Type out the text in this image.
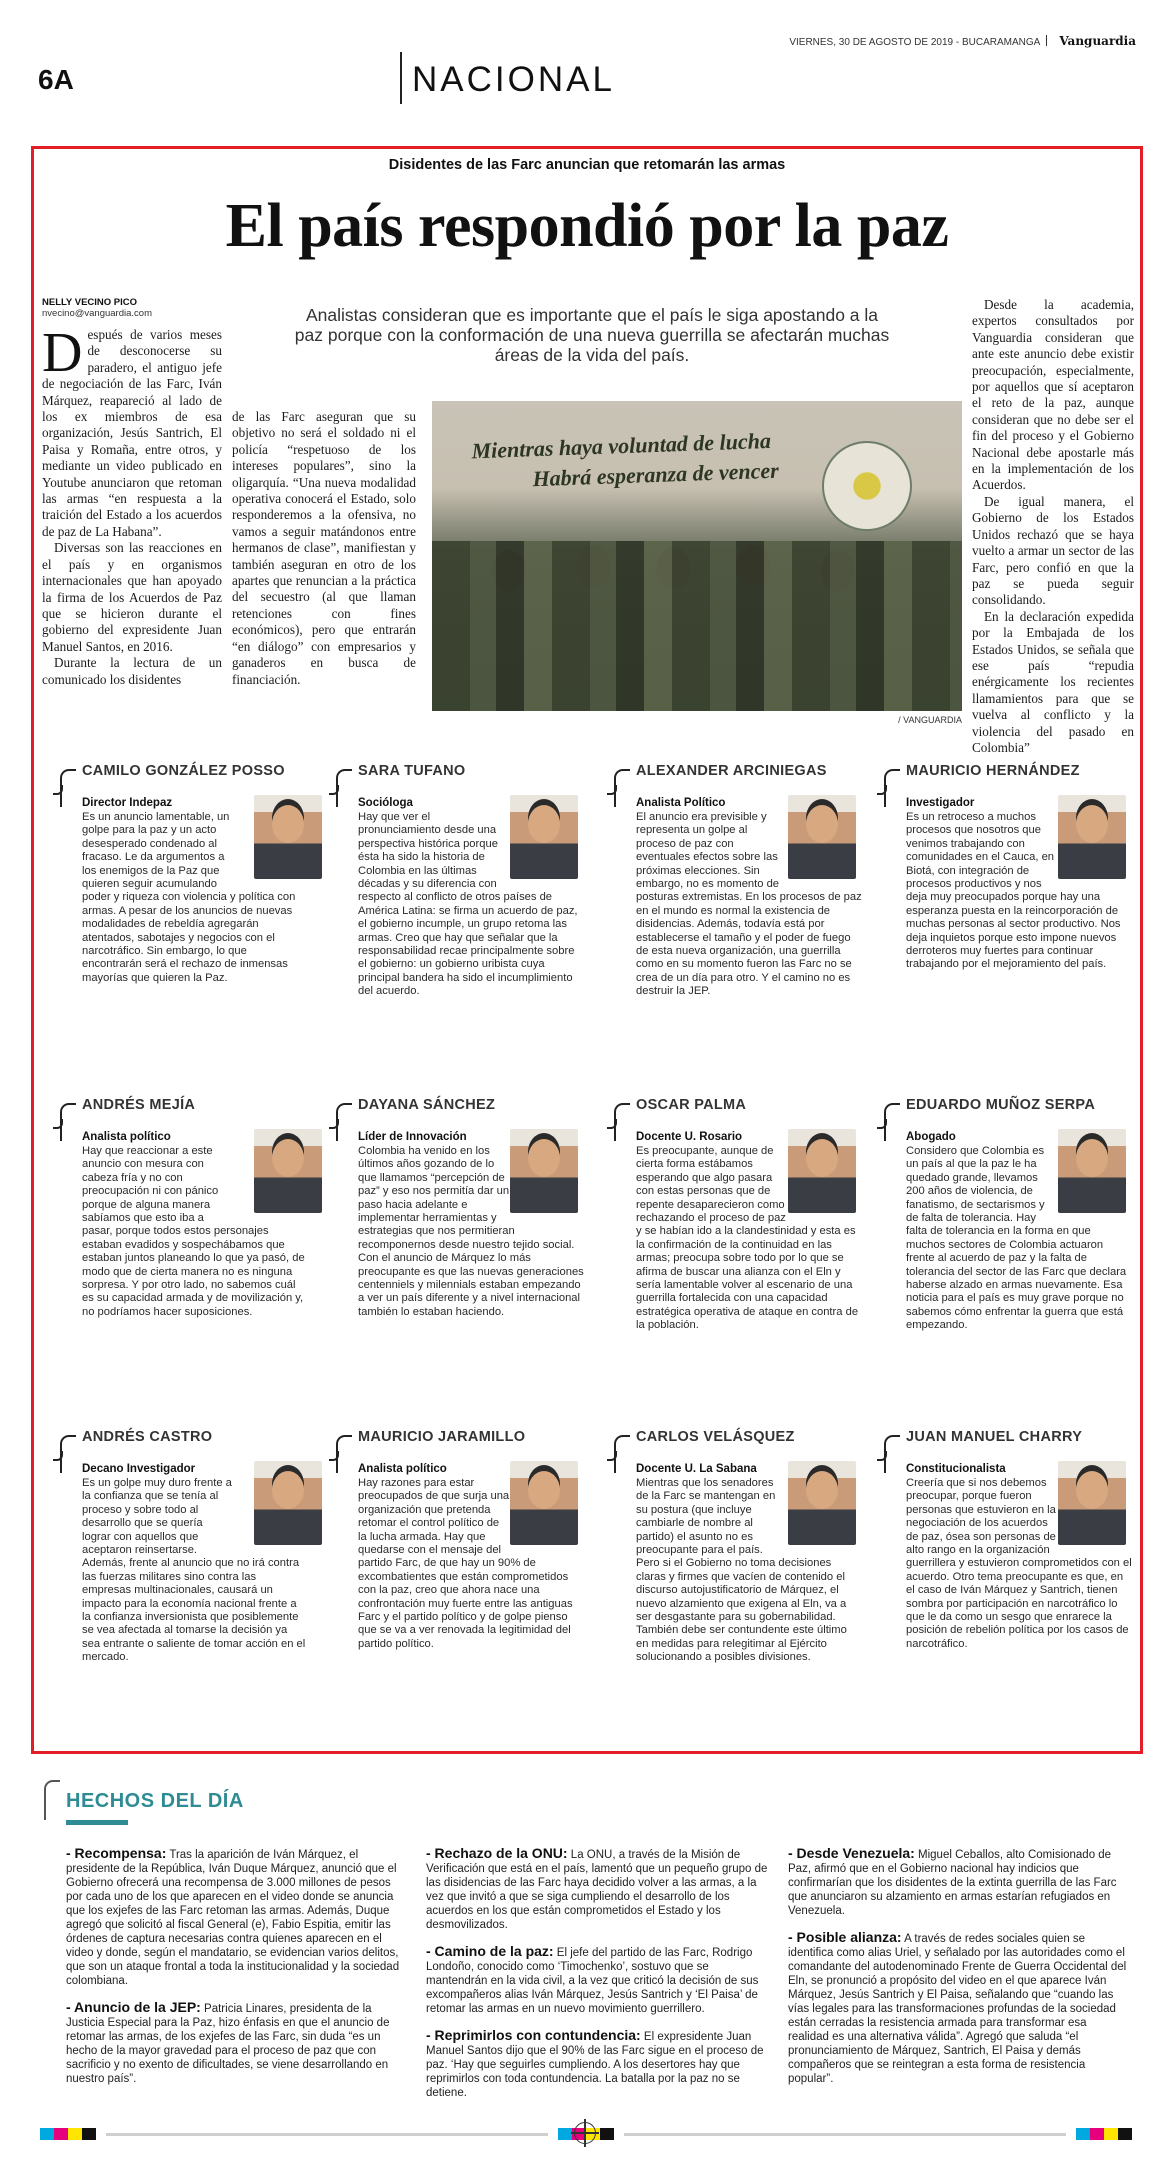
VIERNES, 30 DE AGOSTO DE 2019 - BUCARAMANGA Vanguardia
6A	NACIONAL
Disidentes de las Farc anuncian que retomarán las armas
El país respondió por la paz
NELLY VECINO PICO
nvecino@vanguardia.com

Después de varios meses de desconocerse su paradero, el antiguo jefe de negociación de las Farc, Iván Márquez, reapareció al lado de los ex miembros de esa organización, Jesús Santrich, El Paisa y Romaña, entre otros, y mediante un video publicado en Youtube anunciaron que retoman las armas “en respuesta a la traición del Estado a los acuerdos de paz de La Habana”.

Diversas son las reacciones en el país y en organismos internacionales que han apoyado la firma de los Acuerdos de Paz que se hicieron durante el gobierno del expresidente Juan Manuel Santos, en 2016.

Durante la lectura de un comunicado los disidentes

de las Farc aseguran que su objetivo no será el soldado ni el policía “respetuoso de los intereses populares”, sino la oligarquía. “Una nueva modalidad operativa conocerá el Estado, solo responderemos a la ofensiva, no vamos a seguir matándonos entre hermanos de clase”, manifiestan y también aseguran en otro de los apartes que renuncian a la práctica del secuestro (al que llaman retenciones con fines económicos), pero que entrarán “en diálogo” con empresarios y ganaderos en busca de financiación.

Analistas consideran que es importante que el país le siga apostando a la paz porque con la conformación de una nueva guerrilla se afectarán muchas áreas de la vida del país.
Mientras haya voluntad de lucha
Habrá esperanza de vencer
/ VANGUARDIA

Desde la academia, expertos consultados por Vanguardia consideran que ante este anuncio debe existir preocupación, especialmente, por aquellos que sí aceptaron el reto de la paz, aunque consideran que no debe ser el fin del proceso y el Gobierno Nacional debe apostarle más en la implementación de los Acuerdos.

De igual manera, el Gobierno de los Estados Unidos rechazó que se haya vuelto a armar un sector de las Farc, pero confió en que la paz se pueda seguir consolidando.

En la declaración expedida por la Embajada de los Estados Unidos, se señala que ese país “repudia enérgicamente los recientes llamamientos para que se vuelva al conflicto y la violencia del pasado en Colombia”

CAMILO GONZÁLEZ POSSO
Director Indepaz
Es un anuncio lamentable, un golpe para la paz y un acto desesperado condenado al fracaso. Le da argumentos a los enemigos de la Paz que quieren seguir acumulando poder y riqueza con violencia y política con armas. A pesar de los anuncios de nuevas modalidades de rebeldía agregarán atentados, sabotajes y negocios con el narcotráfico. Sin embargo, lo que encontrarán será el rechazo de inmensas mayorías que quieren la Paz.
SARA TUFANO
Socióloga
Hay que ver el pronunciamiento desde una perspectiva histórica porque ésta ha sido la historia de Colombia en las últimas décadas y su diferencia con respecto al conflicto de otros países de América Latina: se firma un acuerdo de paz, el gobierno incumple, un grupo retoma las armas. Creo que hay que señalar que la responsabilidad recae principalmente sobre el gobierno: un gobierno uribista cuya principal bandera ha sido el incumplimiento del acuerdo.
ALEXANDER ARCINIEGAS
Analista Político
El anuncio era previsible y representa un golpe al proceso de paz con eventuales efectos sobre las próximas elecciones. Sin embargo, no es momento de posturas extremistas. En los procesos de paz en el mundo es normal la existencia de disidencias. Además, todavía está por establecerse el tamaño y el poder de fuego de esta nueva organización, una guerrilla como en su momento fueron las Farc no se crea de un día para otro. Y el camino no es destruir la JEP.
MAURICIO HERNÁNDEZ
Investigador
Es un retroceso a muchos procesos que nosotros que venimos trabajando con comunidades en el Cauca, en Biotá, con integración de procesos productivos y nos deja muy preocupados porque hay una esperanza puesta en la reincorporación de muchas personas al sector productivo. Nos deja inquietos porque esto impone nuevos derroteros muy fuertes para continuar trabajando por el mejoramiento del país.
ANDRÉS MEJÍA
Analista político
Hay que reaccionar a este anuncio con mesura con cabeza fría y no con preocupación ni con pánico porque de alguna manera sabíamos que esto iba a pasar, porque todos estos personajes estaban evadidos y sospechábamos que estaban juntos planeando lo que ya pasó, de modo que de cierta manera no es ninguna sorpresa. Y por otro lado, no sabemos cuál es su capacidad armada y de movilización y, no podríamos hacer suposiciones.
DAYANA SÁNCHEZ
Líder de Innovación
Colombia ha venido en los últimos años gozando de lo que llamamos “percepción de paz” y eso nos permitía dar un paso hacia adelante e implementar herramientas y estrategias que nos permitieran recomponernos desde nuestro tejido social. Con el anuncio de Márquez lo más preocupante es que las nuevas generaciones centenniels y milennials estaban empezando a ver un país diferente y a nivel internacional también lo estaban haciendo.
OSCAR PALMA
Docente U. Rosario
Es preocupante, aunque de cierta forma estábamos esperando que algo pasara con estas personas que de repente desaparecieron como rechazando el proceso de paz y se habían ido a la clandestinidad y esta es la confirmación de la continuidad en las armas; preocupa sobre todo por lo que se afirma de buscar una alianza con el Eln y sería lamentable volver al escenario de una guerrilla fortalecida con una capacidad estratégica operativa de ataque en contra de la población.
EDUARDO MUÑOZ SERPA
Abogado
Considero que Colombia es un país al que la paz le ha quedado grande, llevamos 200 años de violencia, de fanatismo, de sectarismos y de falta de tolerancia. Hay falta de tolerancia en la forma en que muchos sectores de Colombia actuaron frente al acuerdo de paz y la falta de tolerancia del sector de las Farc que declara haberse alzado en armas nuevamente. Esa noticia para el país es muy grave porque no sabemos cómo enfrentar la guerra que está empezando.
ANDRÉS CASTRO
Decano Investigador
Es un golpe muy duro frente a la confianza que se tenía al proceso y sobre todo al desarrollo que se quería lograr con aquellos que aceptaron reinsertarse. Además, frente al anuncio que no irá contra las fuerzas militares sino contra las empresas multinacionales, causará un impacto para la economía nacional frente a la confianza inversionista que posiblemente se vea afectada al tomarse la decisión ya sea entrante o saliente de tomar acción en el mercado.
MAURICIO JARAMILLO
Analista político
Hay razones para estar preocupados de que surja una organización que pretenda retomar el control político de la lucha armada. Hay que quedarse con el mensaje del partido Farc, de que hay un 90% de excombatientes que están comprometidos con la paz, creo que ahora nace una confrontación muy fuerte entre las antiguas Farc y el partido político y de golpe pienso que se va a ver renovada la legitimidad del partido político.
CARLOS VELÁSQUEZ
Docente U. La Sabana
Mientras que los senadores de la Farc se mantengan en su postura (que incluye cambiarle de nombre al partido) el asunto no es preocupante para el país. Pero si el Gobierno no toma decisiones claras y firmes que vacíen de contenido el discurso autojustificatorio de Márquez, el nuevo alzamiento que exigena al Eln, va a ser desgastante para su gobernabilidad. También debe ser contundente este último en medidas para relegitimar al Ejército solucionando a posibles divisiones.
JUAN MANUEL CHARRY
Constitucionalista
Creería que si nos debemos preocupar, porque fueron personas que estuvieron en la negociación de los acuerdos de paz, ósea son personas de alto rango en la organización guerrillera y estuvieron comprometidos con el acuerdo. Otro tema preocupante es que, en el caso de Iván Márquez y Santrich, tienen sombra por participación en narcotráfico lo que le da como un sesgo que enrarece la posición de rebelión política por los casos de narcotráfico.
HECHOS DEL DÍA
- Recompensa: Tras la aparición de Iván Márquez, el presidente de la República, Iván Duque Márquez, anunció que el Gobierno ofrecerá una recompensa de 3.000 millones de pesos por cada uno de los que aparecen en el video donde se anuncia que los exjefes de las Farc retoman las armas. Además, Duque agregó que solicitó al fiscal General (e), Fabio Espitia, emitir las órdenes de captura necesarias contra quienes aparecen en el video y donde, según el mandatario, se evidencian varios delitos, que son un ataque frontal a toda la institucionalidad y la sociedad colombiana.
- Anuncio de la JEP: Patricia Linares, presidenta de la Justicia Especial para la Paz, hizo énfasis en que el anuncio de retomar las armas, de los exjefes de las Farc, sin duda “es un hecho de la mayor gravedad para el proceso de paz que con sacrificio y no exento de dificultades, se viene desarrollando en nuestro país”.
- Rechazo de la ONU: La ONU, a través de la Misión de Verificación que está en el país, lamentó que un pequeño grupo de las disidencias de las Farc haya decidido volver a las armas, a la vez que invitó a que se siga cumpliendo el desarrollo de los acuerdos en los que están comprometidos el Estado y los desmovilizados.
- Camino de la paz: El jefe del partido de las Farc, Rodrigo Londoño, conocido como ‘Timochenko’, sostuvo que se mantendrán en la vida civil, a la vez que criticó la decisión de sus excompañeros alias Iván Márquez, Jesús Santrich y ‘El Paisa’ de retomar las armas en un nuevo movimiento guerrillero.
- Reprimirlos con contundencia: El expresidente Juan Manuel Santos dijo que el 90% de las Farc sigue en el proceso de paz. ‘Hay que seguirles cumpliendo. A los desertores hay que reprimirlos con toda contundencia. La batalla por la paz no se detiene.
- Desde Venezuela: Miguel Ceballos, alto Comisionado de Paz, afirmó que en el Gobierno nacional hay indicios que confirmarían que los disidentes de la extinta guerrilla de las Farc que anunciaron su alzamiento en armas estarían refugiados en Venezuela.
- Posible alianza: A través de redes sociales quien se identifica como alias Uriel, y señalado por las autoridades como el comandante del autodenominado Frente de Guerra Occidental del Eln, se pronunció a propósito del video en el que aparece Iván Márquez, Jesús Santrich y El Paisa, señalando que “cuando las vías legales para las transformaciones profundas de la sociedad están cerradas la resistencia armada para transformar esa realidad es una alternativa válida”. Agregó que saluda “el pronunciamiento de Márquez, Santrich, El Paisa y demás compañeros que se reintegran a esta forma de resistencia popular”.
